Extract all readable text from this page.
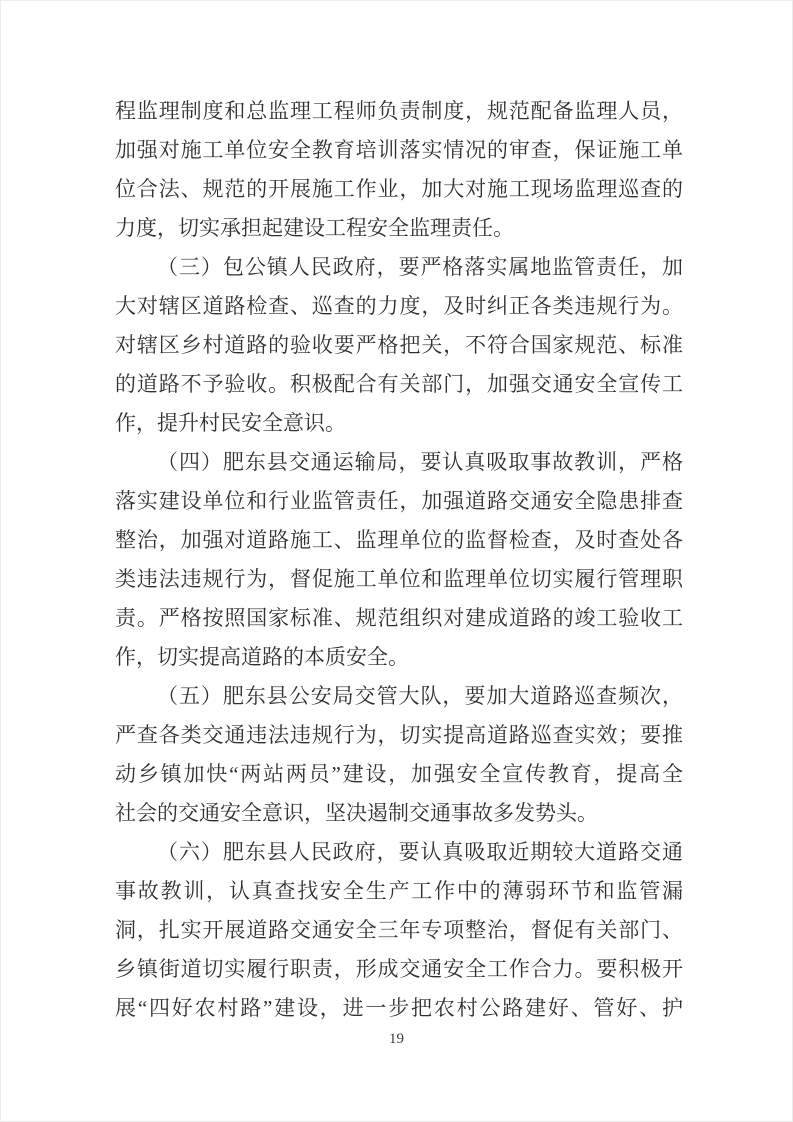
程监理制度和总监理工程师负责制度，规范配备监理人员，
加强对施工单位安全教育培训落实情况的审查，保证施工单
位合法、规范的开展施工作业，加大对施工现场监理巡查的
力度，切实承担起建设工程安全监理责任。
（三）包公镇人民政府，要严格落实属地监管责任，加
大对辖区道路检查、巡查的力度，及时纠正各类违规行为。
对辖区乡村道路的验收要严格把关，不符合国家规范、标准
的道路不予验收。积极配合有关部门，加强交通安全宣传工
作，提升村民安全意识。
（四）肥东县交通运输局，要认真吸取事故教训，严格
落实建设单位和行业监管责任，加强道路交通安全隐患排查
整治，加强对道路施工、监理单位的监督检查，及时查处各
类违法违规行为，督促施工单位和监理单位切实履行管理职
责。严格按照国家标准、规范组织对建成道路的竣工验收工
作，切实提高道路的本质安全。
（五）肥东县公安局交管大队，要加大道路巡查频次，
严查各类交通违法违规行为，切实提高道路巡查实效；要推
动乡镇加快“两站两员”建设，加强安全宣传教育，提高全
社会的交通安全意识，坚决遏制交通事故多发势头。
（六）肥东县人民政府，要认真吸取近期较大道路交通
事故教训，认真查找安全生产工作中的薄弱环节和监管漏
洞，扎实开展道路交通安全三年专项整治，督促有关部门、
乡镇街道切实履行职责，形成交通安全工作合力。要积极开
展“四好农村路”建设，进一步把农村公路建好、管好、护
19
